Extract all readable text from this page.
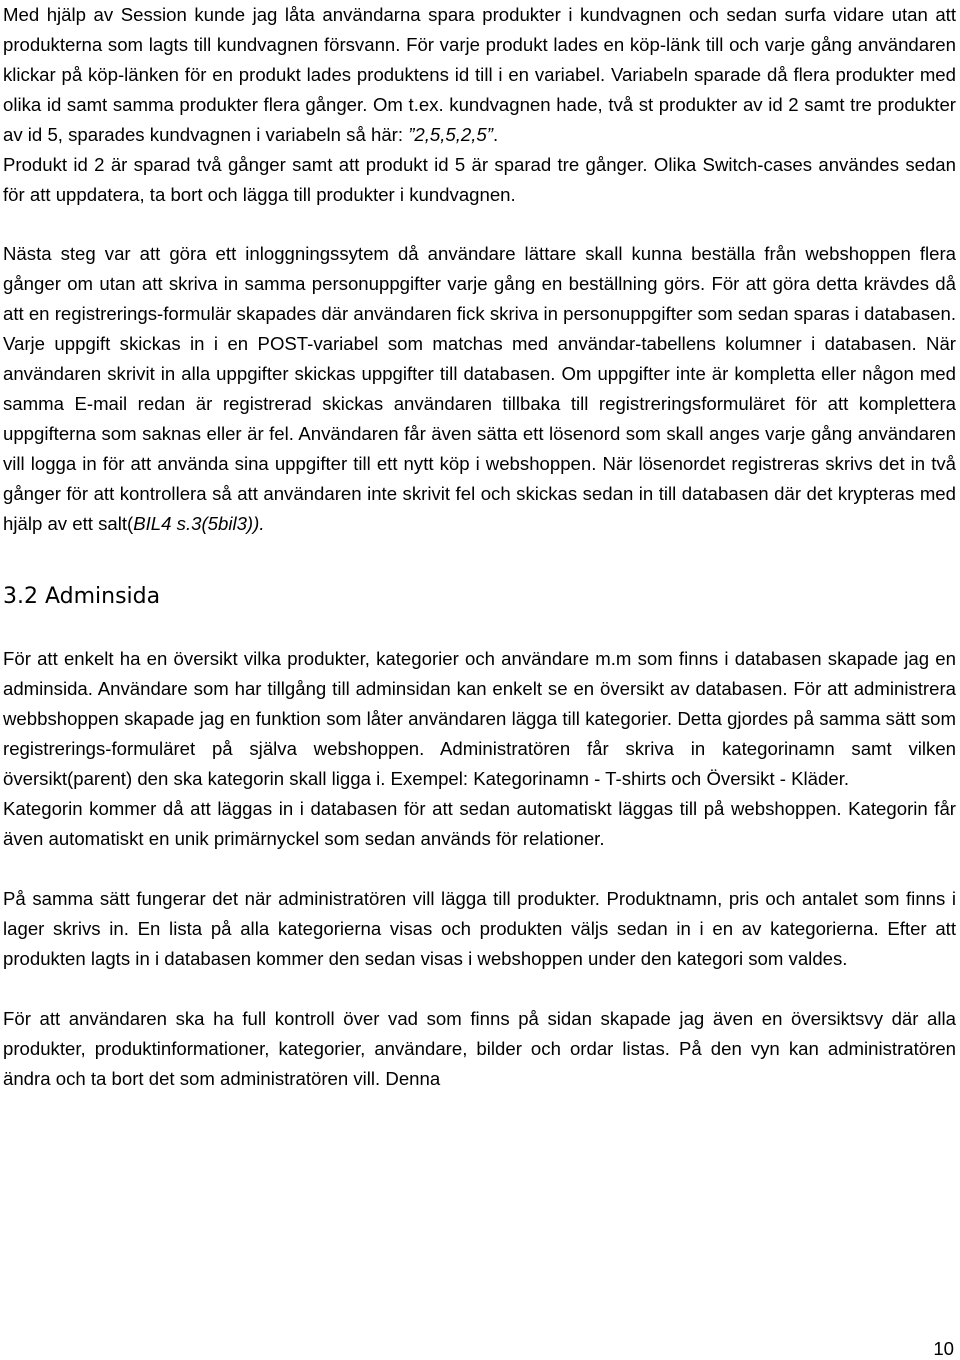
Med hjälp av Session kunde jag låta användarna spara produkter i kundvagnen och sedan surfa vidare utan att produkterna som lagts till kundvagnen försvann. För varje produkt lades en köp-länk till och varje gång användaren klickar på köp-länken för en produkt lades produktens id till i en variabel. Variabeln sparade då flera produkter med olika id samt samma produkter flera gånger. Om t.ex. kundvagnen hade, två st produkter av id 2 samt tre produkter av id 5, sparades kundvagnen i variabeln så här: ”2,5,5,2,5”.

Produkt id 2 är sparad två gånger samt att produkt id 5 är sparad tre gånger. Olika Switch-cases användes sedan för att uppdatera, ta bort och lägga till produkter i kundvagnen.

Nästa steg var att göra ett inloggningssytem då användare lättare skall kunna beställa från webshoppen flera gånger om utan att skriva in samma personuppgifter varje gång en beställning görs. För att göra detta krävdes då att en registrerings-formulär skapades där användaren fick skriva in personuppgifter som sedan sparas i databasen. Varje uppgift skickas in i en POST-variabel som matchas med användar-tabellens kolumner i databasen. När användaren skrivit in alla uppgifter skickas uppgifter till databasen. Om uppgifter inte är kompletta eller någon med samma E-mail redan är registrerad skickas användaren tillbaka till registreringsformuläret för att komplettera uppgifterna som saknas eller är fel. Användaren får även sätta ett lösenord som skall anges varje gång användaren vill logga in för att använda sina uppgifter till ett nytt köp i webshoppen. När lösenordet registreras skrivs det in två gånger för att kontrollera så att användaren inte skrivit fel och skickas sedan in till databasen där det krypteras med hjälp av ett salt(BIL4 s.3(5bil3)).

3.2 Adminsida

För att enkelt ha en översikt vilka produkter, kategorier och användare m.m som finns i databasen skapade jag en adminsida. Användare som har tillgång till adminsidan kan enkelt se en översikt av databasen. För att administrera webbshoppen skapade jag en funktion som låter användaren lägga till kategorier. Detta gjordes på samma sätt som registrerings-formuläret på själva webshoppen. Administratören får skriva in kategorinamn samt vilken översikt(parent) den ska kategorin skall ligga i. Exempel: Kategorinamn - T-shirts och Översikt - Kläder.

Kategorin kommer då att läggas in i databasen för att sedan automatiskt läggas till på webshoppen. Kategorin får även automatiskt en unik primärnyckel som sedan används för relationer.

På samma sätt fungerar det när administratören vill lägga till produkter. Produktnamn, pris och antalet som finns i lager skrivs in. En lista på alla kategorierna visas och produkten väljs sedan in i en av kategorierna. Efter att produkten lagts in i databasen kommer den sedan visas i webshoppen under den kategori som valdes.

För att användaren ska ha full kontroll över vad som finns på sidan skapade jag även en översiktsvy där alla produkter, produktinformationer, kategorier, användare, bilder och ordar listas. På den vyn kan administratören ändra och ta bort det som administratören vill. Denna

10
